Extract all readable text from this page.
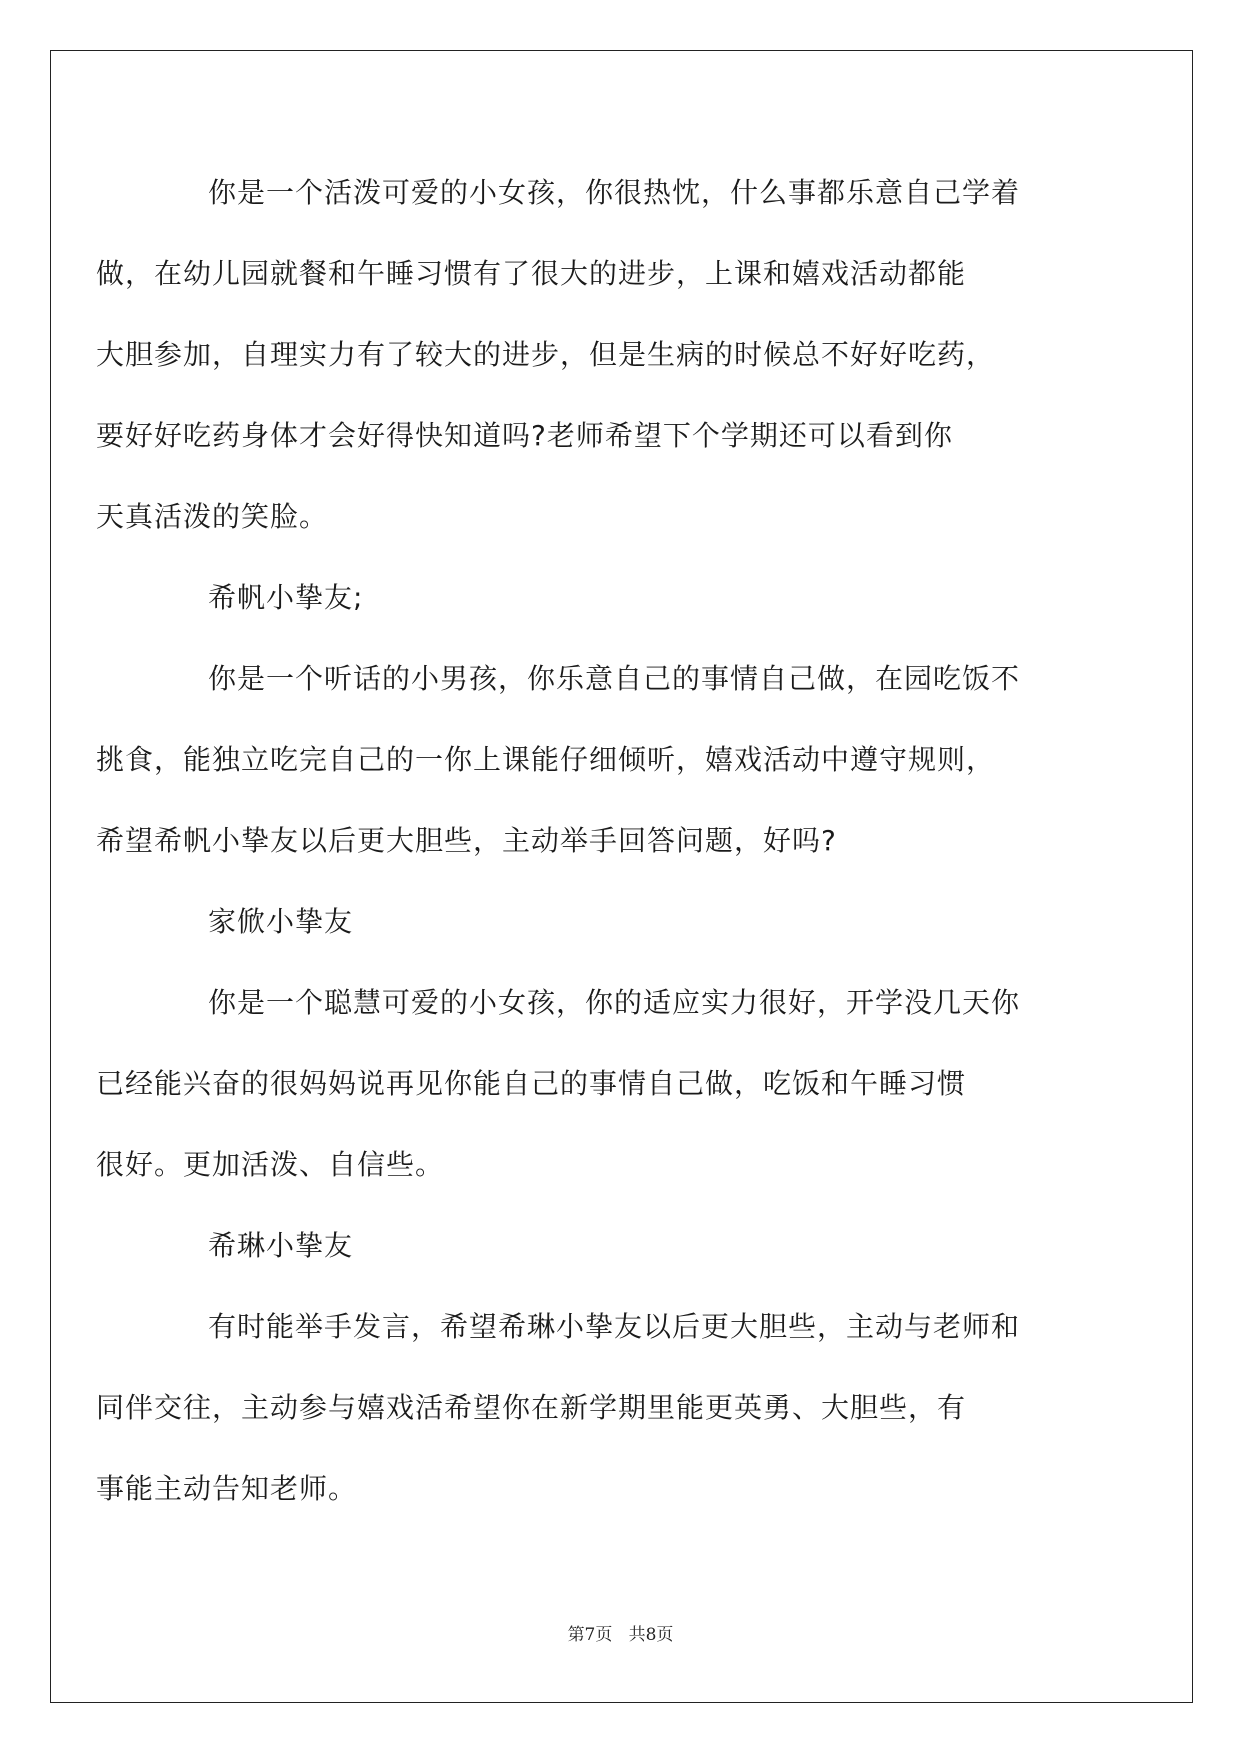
你是一个活泼可爱的小女孩，你很热忱，什么事都乐意自己学着
做，在幼儿园就餐和午睡习惯有了很大的进步，上课和嬉戏活动都能
大胆参加，自理实力有了较大的进步，但是生病的时候总不好好吃药，
要好好吃药身体才会好得快知道吗?老师希望下个学期还可以看到你
天真活泼的笑脸。

希帆小挚友;

你是一个听话的小男孩，你乐意自己的事情自己做，在园吃饭不
挑食，能独立吃完自己的一你上课能仔细倾听，嬉戏活动中遵守规则，
希望希帆小挚友以后更大胆些，主动举手回答问题，好吗?

家俽小挚友

你是一个聪慧可爱的小女孩，你的适应实力很好，开学没几天你
已经能兴奋的很妈妈说再见你能自己的事情自己做，吃饭和午睡习惯
很好。更加活泼、自信些。

希琳小挚友

有时能举手发言，希望希琳小挚友以后更大胆些，主动与老师和
同伴交往，主动参与嬉戏活希望你在新学期里能更英勇、大胆些，有
事能主动告知老师。
第7页 共8页
